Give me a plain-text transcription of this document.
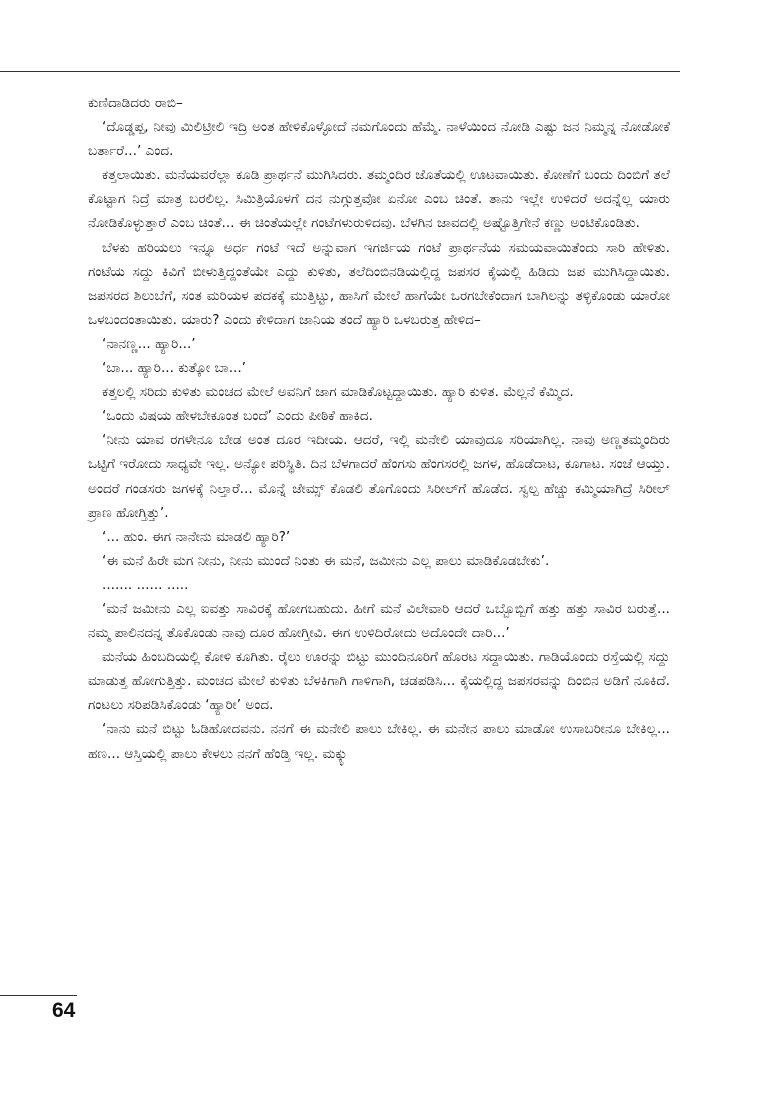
ಕುಣಿದಾಡಿದರು ರಾಬಿ–

‘ದೊಡ್ಡಪ್ಪ, ನೀವು ಮಿಲಿಟ್ರೀಲಿ ಇದ್ರಿ ಅಂತ ಹೇಳಿಕೊಳ್ಳೋದೆ ನಮಗೊಂದು ಹೆಮ್ಮೆ. ನಾಳೆಯಿಂದ ನೋಡಿ ಎಷ್ಟು ಜನ ನಿಮ್ಮನ್ನ ನೋಡೋಕೆ ಬರ್ತಾರೆ...’ ಎಂದ.

ಕತ್ತಲಾಯಿತು. ಮನೆಯವರೆಲ್ಲಾ ಕೂಡಿ ಪ್ರಾರ್ಥನೆ ಮುಗಿಸಿದರು. ತಮ್ಮಂದಿರ ಜೊತೆಯಲ್ಲಿ ಊಟವಾಯಿತು. ಕೋಣೆಗೆ ಬಂದು ದಿಂಬಿಗೆ ತಲೆ ಕೊಟ್ಟಾಗ ನಿದ್ರೆ ಮಾತ್ರ ಬರಲಿಲ್ಲ. ಸಿಮಿತ್ರಿಯೊಳಗೆ ದನ ನುಗ್ಗುತ್ತವೋ ಏನೋ ಎಂಬ ಚಿಂತೆ. ತಾನು ಇಲ್ಲೇ ಉಳಿದರೆ ಅದನ್ನೆಲ್ಲ ಯಾರು ನೋಡಿಕೊಳ್ಳುತ್ತಾರೆ ಎಂಬ ಚಿಂತೆ... ಈ ಚಿಂತೆಯಲ್ಲೇ ಗಂಟೆಗಳುರುಳಿದವು. ಬೆಳಗಿನ ಜಾವದಲ್ಲಿ ಅಷ್ಟೊತ್ತಿಗೇನೆ ಕಣ್ಣು ಅಂಟಿಕೊಂಡಿತು.

ಬೆಳಕು ಹರಿಯಲು ಇನ್ನೂ ಅರ್ಧ ಗಂಟೆ ಇದೆ ಅನ್ನುವಾಗ ಇಗರ್ಜಿಯ ಗಂಟೆ ಪ್ರಾರ್ಥನೆಯ ಸಮಯವಾಯಿತೆಂದು ಸಾರಿ ಹೇಳಿತು. ಗಂಟೆಯ ಸದ್ದು ಕಿವಿಗೆ ಬೀಳುತ್ತಿದ್ದಂತೆಯೇ ಎದ್ದು ಕುಳಿತು, ತಲೆದಿಂಬಿನಡಿಯಲ್ಲಿದ್ದ ಜಪಸರ ಕೈಯಲ್ಲಿ ಹಿಡಿದು ಜಪ ಮುಗಿಸಿದ್ದಾಯಿತು. ಜಪಸರದ ಶಿಲುಬೆಗೆ, ಸಂತ ಮರಿಯಳ ಪದಕಕ್ಕೆ ಮುತ್ತಿಟ್ಟು, ಹಾಸಿಗೆ ಮೇಲೆ ಹಾಗೆಯೇ ಒರಗಬೇಕೆಂದಾಗ ಬಾಗಿಲನ್ನು ತಳ್ಳಿಕೊಂಡು ಯಾರೋ ಒಳಬಂದಂತಾಯಿತು. ಯಾರು? ಎಂದು ಕೇಳಿದಾಗ ಜಾನಿಯ ತಂದೆ ಹ್ಯಾರಿ ಒಳಬರುತ್ತ ಹೇಳಿದ–

‘ನಾನಣ್ಣ... ಹ್ಯಾರಿ...’

‘ಬಾ... ಹ್ಯಾರಿ... ಕುತ್ಕೋ ಬಾ...’

ಕತ್ತಲಲ್ಲಿ ಸರಿದು ಕುಳಿತು ಮಂಚದ ಮೇಲೆ ಅವನಿಗೆ ಜಾಗ ಮಾಡಿಕೊಟ್ಟದ್ದಾಯಿತು. ಹ್ಯಾರಿ ಕುಳಿತ. ಮೆಲ್ಲನೆ ಕೆಮ್ಮಿದ.

‘ಒಂದು ವಿಷಯ ಹೇಳಬೇಕೂಂತ ಬಂದೆ’ ಎಂದು ಪೀಠಿಕೆ ಹಾಕಿದ.

‘ನೀನು ಯಾವ ರಗಳೇನೂ ಬೇಡ ಅಂತ ದೂರ ಇದೀಯ. ಆದರೆ, ಇಲ್ಲಿ ಮನೇಲಿ ಯಾವುದೂ ಸರಿಯಾಗಿಲ್ಲ. ನಾವು ಅಣ್ಣತಮ್ಮಂದಿರು ಒಟ್ಟಿಗೆ ಇರೋದು ಸಾಧ್ಯವೇ ಇಲ್ಲ. ಅನ್ಯೋ ಪರಿಸ್ಥಿತಿ. ದಿನ ಬೆಳಗಾದರೆ ಹೆಂಗಸು ಹೆಂಗಸರಲ್ಲಿ ಜಗಳ, ಹೊಡೆದಾಟ, ಕೂಗಾಟ. ಸಂಜೆ ಆಯ್ತು. ಅಂದರೆ ಗಂಡಸರು ಜಗಳಕ್ಕೆ ನಿಲ್ತಾರೆ... ಮೊನ್ನೆ ಜೇಮ್ಸ್ ಕೊಡಲಿ ತೊಗೊಂದು ಸಿರೀಲ್‌ಗೆ ಹೊಡೆದ. ಸ್ವಲ್ಪ ಹೆಚ್ಚು ಕಮ್ಮಿಯಾಗಿದ್ರೆ ಸಿರೀಲ್ ಪ್ರಾಣ ಹೋಗ್ತಿತ್ತು’.

‘... ಹುಂ. ಈಗ ನಾನೇನು ಮಾಡಲಿ ಹ್ಯಾರಿ?’

‘ಈ ಮನೆ ಹಿರೇ ಮಗ ನೀನು, ನೀನು ಮುಂದೆ ನಿಂತು ಈ ಮನೆ, ಜಮೀನು ಎಲ್ಲ ಪಾಲು ಮಾಡಿಕೊಡಬೇಕು’.

....... ...... .....

‘ಮನೆ ಜಮೀನು ಎಲ್ಲ ಐವತ್ತು ಸಾವಿರಕ್ಕೆ ಹೋಗಬಹುದು. ಹೀಗೆ ಮನೆ ವಿಲೇವಾರಿ ಆದರೆ ಒಬ್ಬೊಬ್ಬಿಗೆ ಹತ್ತು ಹತ್ತು ಸಾವಿರ ಬರುತ್ತೆ... ನಮ್ಮ ಪಾಲಿನದನ್ನ ತೊಕೊಂಡು ನಾವು ದೂರ ಹೋಗ್ತೀವಿ. ಈಗ ಉಳಿದಿರೋದು ಅದೊಂದೇ ದಾರಿ...’

ಮನೆಯ ಹಿಂಬದಿಯಲ್ಲಿ ಕೋಳಿ ಕೂಗಿತು. ರೈಲು ಊರನ್ನು ಬಿಟ್ಟು ಮುಂದಿನೂರಿಗೆ ಹೊರಟ ಸದ್ದಾಯಿತು. ಗಾಡಿಯೊಂದು ರಸ್ತೆಯಲ್ಲಿ ಸದ್ದು ಮಾಡುತ್ತ ಹೋಗುತ್ತಿತ್ತು. ಮಂಚದ ಮೇಲೆ ಕುಳಿತು ಬೆಳಕಿಗಾಗಿ ಗಾಳಿಗಾಗಿ, ಚಡಪಡಿಸಿ... ಕೈಯಲ್ಲಿದ್ದ ಜಪಸರವನ್ನು ದಿಂಬಿನ ಅಡಿಗೆ ನೂಕಿದೆ. ಗಂಟಲು ಸರಿಪಡಿಸಿಕೊಂಡು ‘ಹ್ಯಾರೀ’ ಅಂದ.

‘ನಾನು ಮನೆ ಬಿಟ್ಟು ಓಡಿಹೋದವನು. ನನಗೆ ಈ ಮನೇಲಿ ಪಾಲು ಬೇಕಿಲ್ಲ. ಈ ಮನೇನ ಪಾಲು ಮಾಡೋ ಉಸಾಬರೀನೂ ಬೇಕಿಲ್ಲ... ಹಣ... ಆಸ್ತಿಯಲ್ಲಿ ಪಾಲು ಕೇಳಲು ನನಗೆ ಹೆಂಡ್ತಿ ಇಲ್ಲ. ಮಕ್ಕ್ಳು

64
